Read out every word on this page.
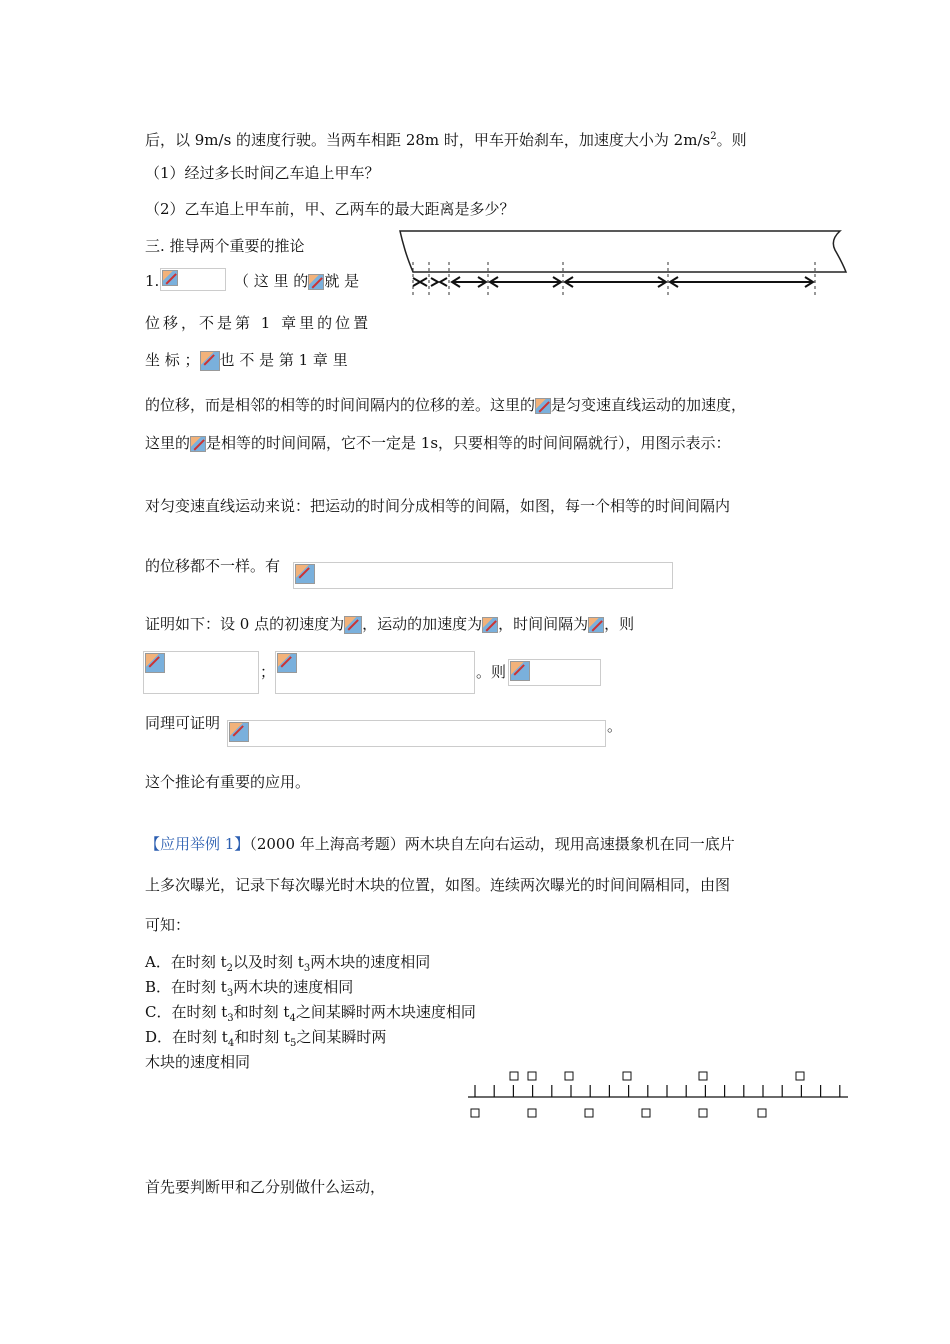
后，以 9m/s 的速度行驶。当两车相距 28m 时，甲车开始刹车，加速度大小为 $2m/s^2$。则
（1）经过多长时间乙车追上甲车？
（2）乙车追上甲车前，甲、乙两车的最大距离是多少？
三. 推导两个重要的推论
1.	（ 这 里 的 就 是
位移，不是第 1 章里的位置
坐 标 ； 也 不 是 第 1 章 里
的位移，而是相邻的相等的时间间隔内的位移的差。这里的 是匀变速直线运动的加速度，
这里的 是相等的时间间隔，它不一定是 1s，只要相等的时间间隔就行），用图示表示：
对匀变速直线运动来说：把运动的时间分成相等的间隔，如图，每一个相等的时间间隔内
的位移都不一样。有
证明如下：设 0 点的初速度为 ，运动的加速度为 ，时间间隔为 ，则
；	。则
同理可证明	。
这个推论有重要的应用。
【应用举例 1】（2000 年上海高考题）两木块自左向右运动，现用高速摄象机在同一底片
上多次曝光，记录下每次曝光时木块的位置，如图。连续两次曝光的时间间隔相同，由图
可知：
A．在时刻 $t_2$以及时刻 $t_3$两木块的速度相同
B．在时刻 $t_3$两木块的速度相同
C．在时刻 $t_3$和时刻 $t_4$之间某瞬时两木块速度相同
D．在时刻 $t_4$和时刻 $t_5$之间某瞬时两
木块的速度相同
首先要判断甲和乙分别做什么运动，
